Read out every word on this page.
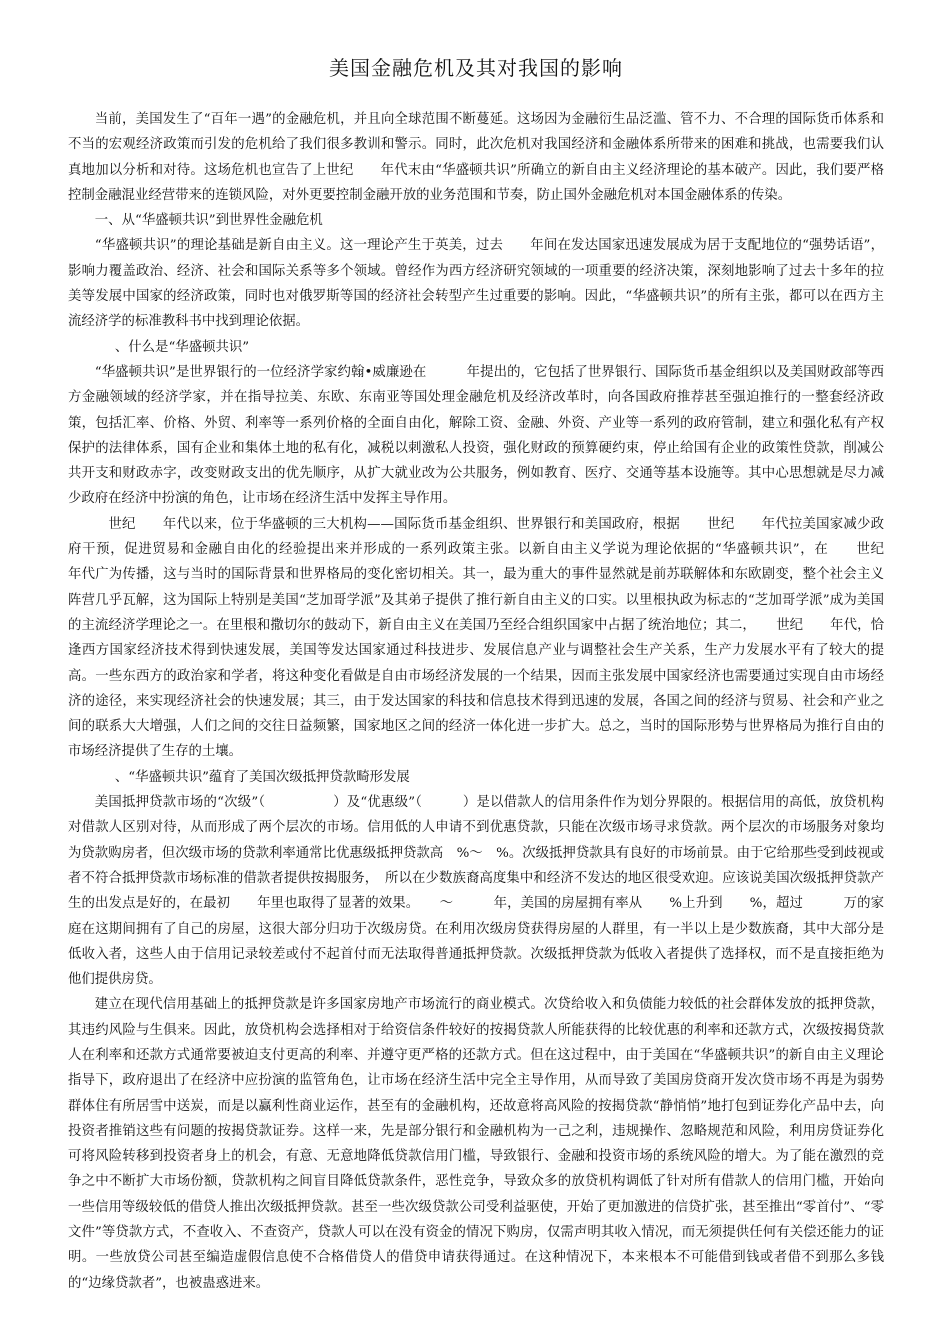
美国金融危机及其对我国的影响

当前，美国发生了“百年一遇”的金融危机，并且向全球范围不断蔓延。这场因为金融衍生品泛滥、管不力、不合理的国际货币体系和不当的宏观经济政策而引发的危机给了我们很多教训和警示。同时，此次危机对我国经济和金融体系所带来的困难和挑战，也需要我们认真地加以分析和对待。这场危机也宣告了上世纪　　年代末由“华盛顿共识”所确立的新自由主义经济理论的基本破产。因此，我们要严格控制金融混业经营带来的连锁风险，对外更要控制金融开放的业务范围和节奏，防止国外金融危机对本国金融体系的传染。

一、从“华盛顿共识”到世界性金融危机

“华盛顿共识”的理论基础是新自由主义。这一理论产生于英美，过去　　年间在发达国家迅速发展成为居于支配地位的“强势话语”，影响力覆盖政治、经济、社会和国际关系等多个领域。曾经作为西方经济研究领域的一项重要的经济决策，深刻地影响了过去十多年的拉美等发展中国家的经济政策，同时也对俄罗斯等国的经济社会转型产生过重要的影响。因此，“华盛顿共识”的所有主张，都可以在西方主流经济学的标准教科书中找到理论依据。

、什么是“华盛顿共识”

“华盛顿共识”是世界银行的一位经济学家约翰•威廉逊在　　　年提出的，它包括了世界银行、国际货币基金组织以及美国财政部等西方金融领域的经济学家，并在指导拉美、东欧、东南亚等国处理金融危机及经济改革时，向各国政府推荐甚至强迫推行的一整套经济政策，包括汇率、价格、外贸、利率等一系列价格的全面自由化，解除工资、金融、外资、产业等一系列的政府管制，建立和强化私有产权保护的法律体系，国有企业和集体土地的私有化，减税以刺激私人投资，强化财政的预算硬约束，停止给国有企业的政策性贷款，削减公共开支和财政赤字，改变财政支出的优先顺序，从扩大就业改为公共服务，例如教育、医疗、交通等基本设施等。其中心思想就是尽力减少政府在经济中扮演的角色，让市场在经济生活中发挥主导作用。

　世纪　　年代以来，位于华盛顿的三大机构——国际货币基金组织、世界银行和美国政府，根据　　世纪　　年代拉美国家减少政府干预，促进贸易和金融自由化的经验提出来并形成的一系列政策主张。以新自由主义学说为理论依据的“华盛顿共识”，在　　世纪　　年代广为传播，这与当时的国际背景和世界格局的变化密切相关。其一，最为重大的事件显然就是前苏联解体和东欧剧变，整个社会主义阵营几乎瓦解，这为国际上特别是美国“芝加哥学派”及其弟子提供了推行新自由主义的口实。以里根执政为标志的“芝加哥学派”成为美国的主流经济学理论之一。在里根和撒切尔的鼓动下，新自由主义在美国乃至经合组织国家中占据了统治地位；其二，　　世纪　　年代，恰逢西方国家经济技术得到快速发展，美国等发达国家通过科技进步、发展信息产业与调整社会生产关系，生产力发展水平有了较大的提高。一些东西方的政治家和学者，将这种变化看做是自由市场经济发展的一个结果，因而主张发展中国家经济也需要通过实现自由市场经济的途径，来实现经济社会的快速发展；其三，由于发达国家的科技和信息技术得到迅速的发展，各国之间的经济与贸易、社会和产业之间的联系大大增强，人们之间的交往日益频繁，国家地区之间的经济一体化进一步扩大。总之，当时的国际形势与世界格局为推行自由的市场经济提供了生存的土壤。

、“华盛顿共识”蕴育了美国次级抵押贷款畸形发展

美国抵押贷款市场的“次级”（　　　　　）及“优惠级”（　　　）是以借款人的信用条件作为划分界限的。根据信用的高低，放贷机构对借款人区别对待，从而形成了两个层次的市场。信用低的人申请不到优惠贷款，只能在次级市场寻求贷款。两个层次的市场服务对象均为贷款购房者，但次级市场的贷款利率通常比优惠级抵押贷款高　%～　%。次级抵押贷款具有良好的市场前景。由于它给那些受到歧视或者不符合抵押贷款市场标准的借款者提供按揭服务，　所以在少数族裔高度集中和经济不发达的地区很受欢迎。应该说美国次级抵押贷款产生的出发点是好的，在最初　　年里也取得了显著的效果。　　～　　　年，美国的房屋拥有率从　　%上升到　　%，超过　　　万的家庭在这期间拥有了自己的房屋，这很大部分归功于次级房贷。在利用次级房贷获得房屋的人群里，有一半以上是少数族裔，其中大部分是低收入者，这些人由于信用记录较差或付不起首付而无法取得普通抵押贷款。次级抵押贷款为低收入者提供了选择权，而不是直接拒绝为他们提供房贷。

建立在现代信用基础上的抵押贷款是许多国家房地产市场流行的商业模式。次贷给收入和负债能力较低的社会群体发放的抵押贷款，其违约风险与生俱来。因此，放贷机构会选择相对于给资信条件较好的按揭贷款人所能获得的比较优惠的利率和还款方式，次级按揭贷款人在利率和还款方式通常要被迫支付更高的利率、并遵守更严格的还款方式。但在这过程中，由于美国在“华盛顿共识”的新自由主义理论指导下，政府退出了在经济中应扮演的监管角色，让市场在经济生活中完全主导作用，从而导致了美国房贷商开发次贷市场不再是为弱势群体住有所居雪中送炭，而是以赢利性商业运作，甚至有的金融机构，还故意将高风险的按揭贷款“静悄悄”地打包到证券化产品中去，向投资者推销这些有问题的按揭贷款证券。这样一来，先是部分银行和金融机构为一己之利，违规操作、忽略规范和风险，利用房贷证券化可将风险转移到投资者身上的机会，有意、无意地降低贷款信用门槛，导致银行、金融和投资市场的系统风险的增大。为了能在激烈的竞争之中不断扩大市场份额，贷款机构之间盲目降低贷款条件，恶性竞争，导致众多的放贷机构调低了针对所有借款人的信用门槛，开始向一些信用等级较低的借贷人推出次级抵押贷款。甚至一些次级贷款公司受利益驱使，开始了更加激进的信贷扩张，甚至推出“零首付”、“零文件”等贷款方式，不查收入、不查资产，贷款人可以在没有资金的情况下购房，仅需声明其收入情况，而无须提供任何有关偿还能力的证明。一些放贷公司甚至编造虚假信息使不合格借贷人的借贷申请获得通过。在这种情况下，本来根本不可能借到钱或者借不到那么多钱的“边缘贷款者”，也被蛊惑进来。
